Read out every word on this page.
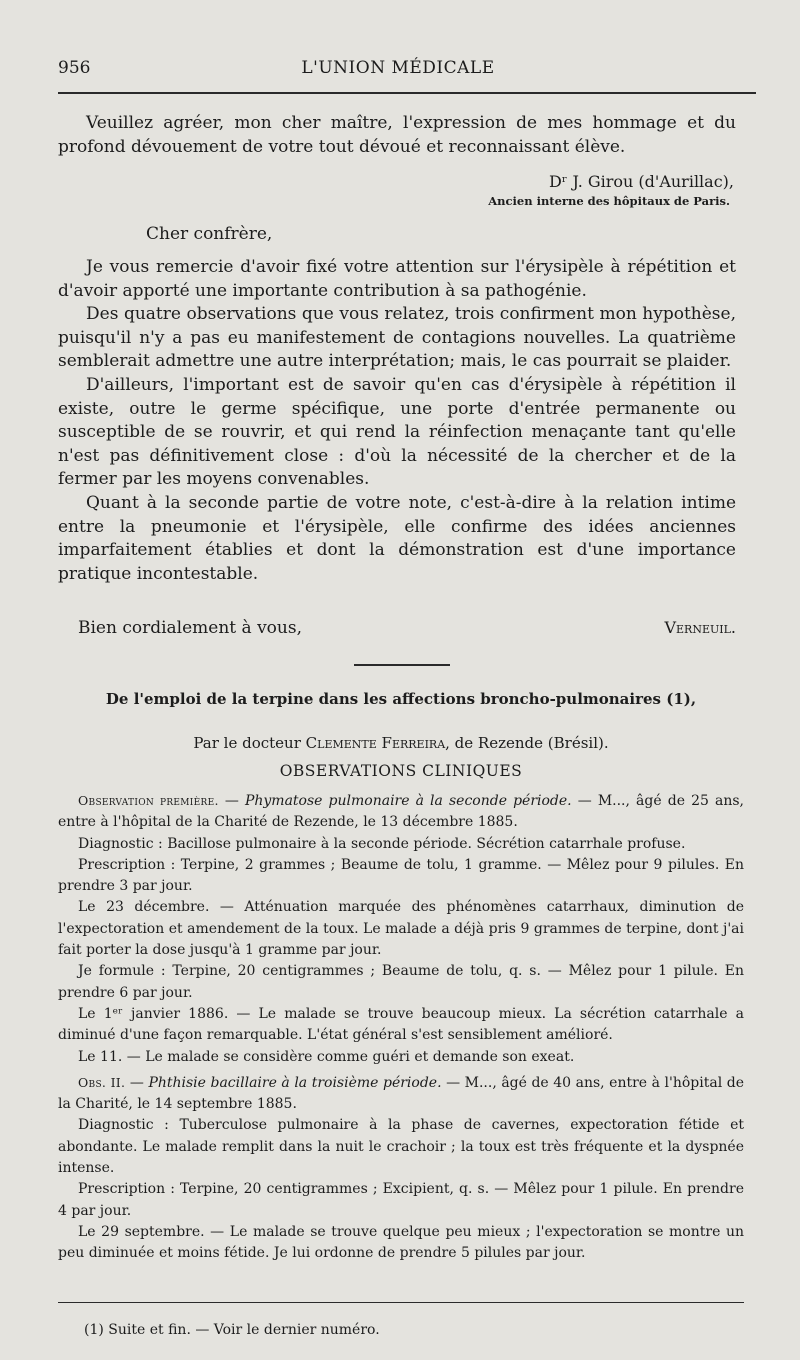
956	L'UNION MÉDICALE

Veuillez agréer, mon cher maître, l'expression de mes hommage et du profond dévouement de votre tout dévoué et reconnaissant élève.

Dʳ J. Girou (d'Aurillac),
Ancien interne des hôpitaux de Paris.
Cher confrère,

Je vous remercie d'avoir fixé votre attention sur l'érysipèle à répétition et d'avoir apporté une importante contribution à sa pathogénie.

Des quatre observations que vous relatez, trois confirment mon hypothèse, puisqu'il n'y a pas eu manifestement de contagions nouvelles. La quatrième semblerait admettre une autre interprétation; mais, le cas pourrait se plaider.

D'ailleurs, l'important est de savoir qu'en cas d'érysipèle à répétition il existe, outre le germe spécifique, une porte d'entrée permanente ou susceptible de se rouvrir, et qui rend la réinfection menaçante tant qu'elle n'est pas définitivement close : d'où la nécessité de la chercher et de la fermer par les moyens convenables.

Quant à la seconde partie de votre note, c'est-à-dire à la relation intime entre la pneumonie et l'érysipèle, elle confirme des idées anciennes imparfaitement établies et dont la démonstration est d'une importance pratique incontestable.

Bien cordialement à vous,	Verneuil.
De l'emploi de la terpine dans les affections broncho-pulmonaires (1),
Par le docteur Clemente Ferreira, de Rezende (Brésil).
OBSERVATIONS CLINIQUES

Observation première. — Phymatose pulmonaire à la seconde période. — M..., âgé de 25 ans, entre à l'hôpital de la Charité de Rezende, le 13 décembre 1885.

Diagnostic : Bacillose pulmonaire à la seconde période. Sécrétion catarrhale profuse.

Prescription : Terpine, 2 grammes ; Beaume de tolu, 1 gramme. — Mêlez pour 9 pilules. En prendre 3 par jour.

Le 23 décembre. — Atténuation marquée des phénomènes catarrhaux, diminution de l'expectoration et amendement de la toux. Le malade a déjà pris 9 grammes de terpine, dont j'ai fait porter la dose jusqu'à 1 gramme par jour.

Je formule : Terpine, 20 centigrammes ; Beaume de tolu, q. s. — Mêlez pour 1 pilule. En prendre 6 par jour.

Le 1ᵉʳ janvier 1886. — Le malade se trouve beaucoup mieux. La sécrétion catarrhale a diminué d'une façon remarquable. L'état général s'est sensiblement amélioré.

Le 11. — Le malade se considère comme guéri et demande son exeat.

Obs. II. — Phthisie bacillaire à la troisième période. — M..., âgé de 40 ans, entre à l'hôpital de la Charité, le 14 septembre 1885.

Diagnostic : Tuberculose pulmonaire à la phase de cavernes, expectoration fétide et abondante. Le malade remplit dans la nuit le crachoir ; la toux est très fréquente et la dyspnée intense.

Prescription : Terpine, 20 centigrammes ; Excipient, q. s. — Mêlez pour 1 pilule. En prendre 4 par jour.

Le 29 septembre. — Le malade se trouve quelque peu mieux ; l'expectoration se montre un peu diminuée et moins fétide. Je lui ordonne de prendre 5 pilules par jour.

(1) Suite et fin. — Voir le dernier numéro.
